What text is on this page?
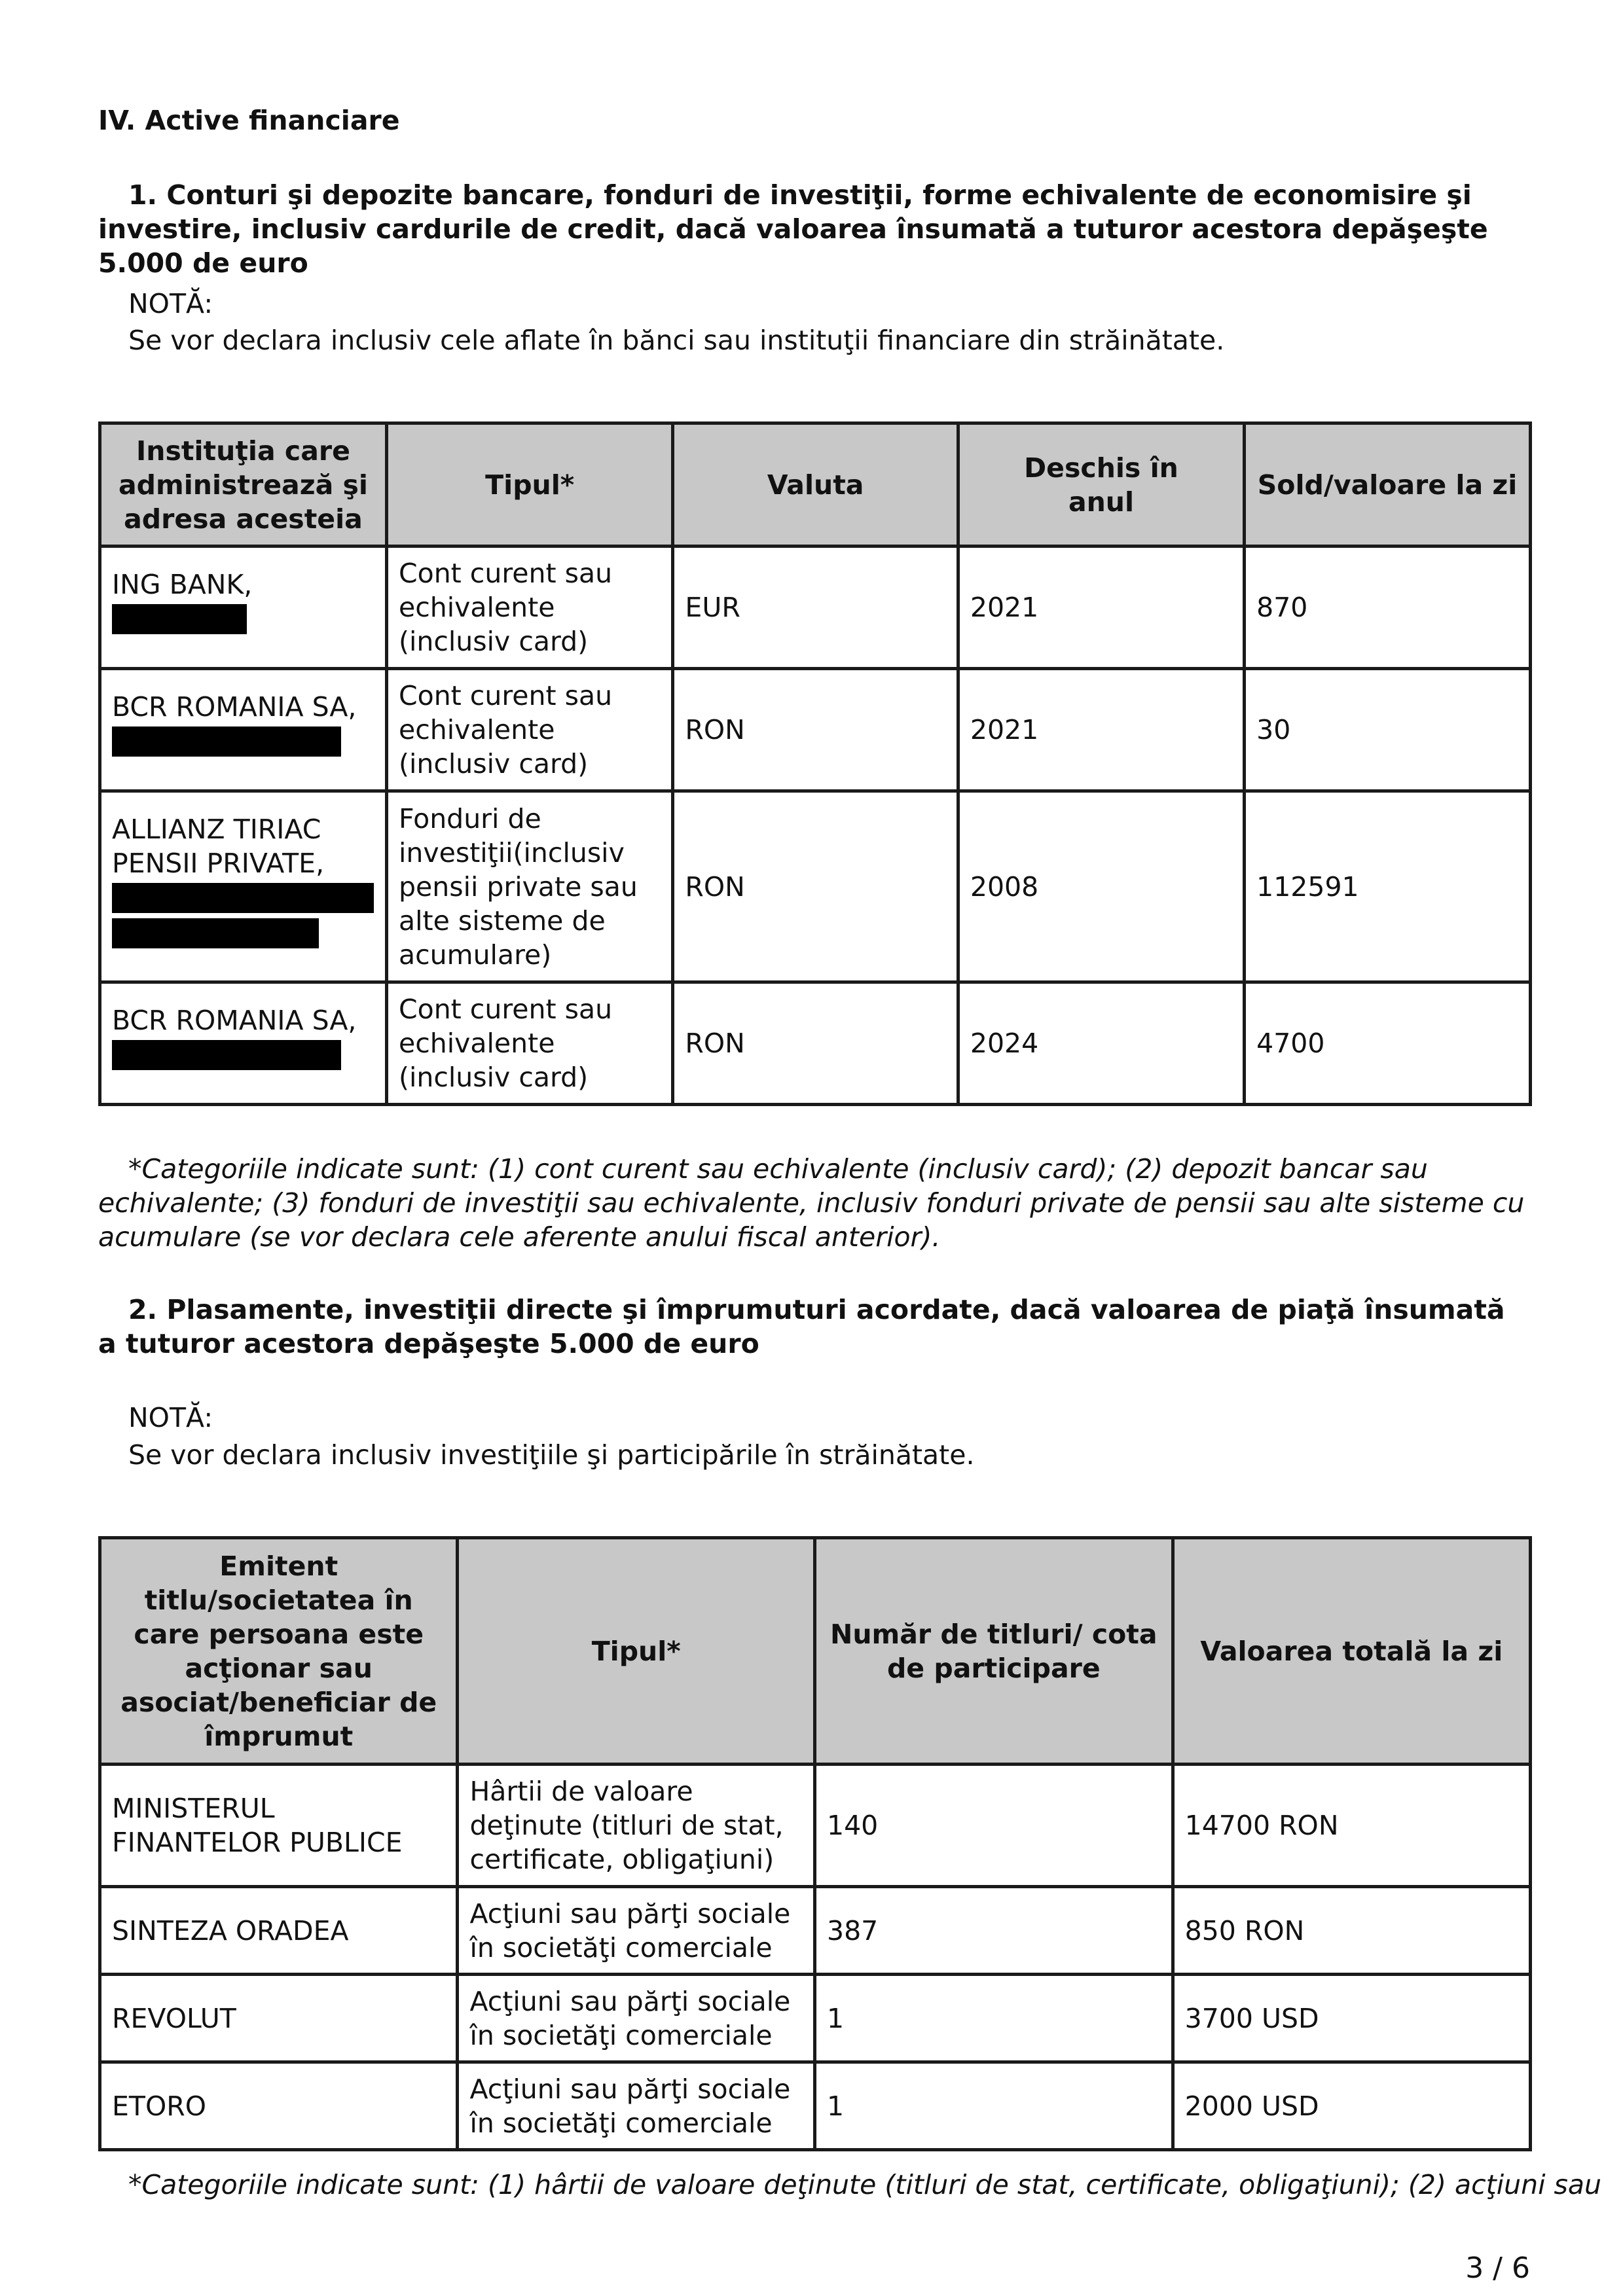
IV. Active financiare
1. Conturi şi depozite bancare, fonduri de investiţii, forme echivalente de economisire şi investire, inclusiv cardurile de credit, dacă valoarea însumată a tuturor acestora depăşeşte 5.000 de euro
NOTĂ:
Se vor declara inclusiv cele aflate în bănci sau instituţii financiare din străinătate.
Instituţia care administrează şi adresa acesteia	Tipul*	Valuta	Deschis în anul	Sold/valoare la zi
ING BANK,	Cont curent sau echivalente (inclusiv card)	EUR	2021	870
BCR ROMANIA SA,	Cont curent sau echivalente (inclusiv card)	RON	2021	30
ALLIANZ TIRIAC PENSII PRIVATE,	Fonduri de investiţii(inclusiv pensii private sau alte sisteme de acumulare)	RON	2008	112591
BCR ROMANIA SA,	Cont curent sau echivalente (inclusiv card)	RON	2024	4700
*Categoriile indicate sunt: (1) cont curent sau echivalente (inclusiv card); (2) depozit bancar sau echivalente; (3) fonduri de investiţii sau echivalente, inclusiv fonduri private de pensii sau alte sisteme cu acumulare (se vor declara cele aferente anului fiscal anterior).
2. Plasamente, investiţii directe şi împrumuturi acordate, dacă valoarea de piaţă însumată a tuturor acestora depăşeşte 5.000 de euro
NOTĂ:
Se vor declara inclusiv investiţiile şi participările în străinătate.
Emitent titlu/societatea în care persoana este acţionar sau asociat/beneficiar de împrumut	Tipul*	Număr de titluri/ cota de participare	Valoarea totală la zi
MINISTERUL FINANTELOR PUBLICE	Hârtii de valoare deţinute (titluri de stat, certificate, obligaţiuni)	140	14700 RON
SINTEZA ORADEA	Acţiuni sau părţi sociale în societăţi comerciale	387	850 RON
REVOLUT	Acţiuni sau părţi sociale în societăţi comerciale	1	3700 USD
ETORO	Acţiuni sau părţi sociale în societăţi comerciale	1	2000 USD
*Categoriile indicate sunt: (1) hârtii de valoare deţinute (titluri de stat, certificate, obligaţiuni); (2) acţiuni sau
3 / 6
